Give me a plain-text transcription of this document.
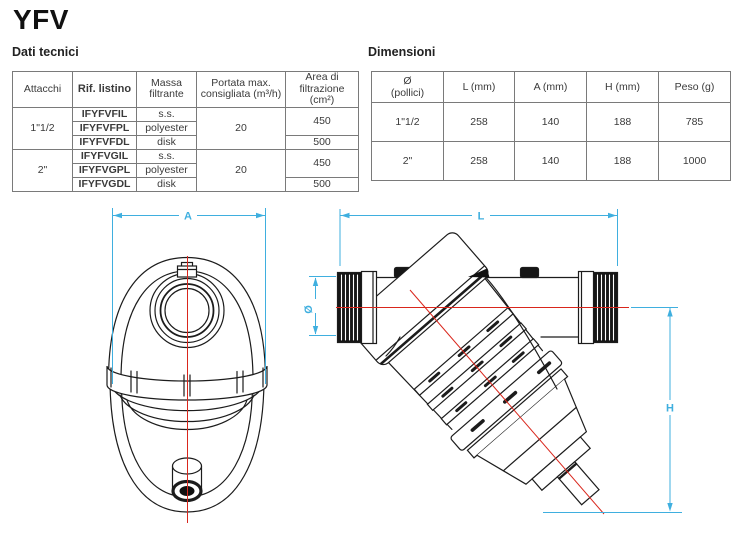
YFV
Dati tecnici	Dimensioni
Attacchi	Rif. listino	Massa filtrante	Portata max. consigliata (m³/h)	Area di filtrazione (cm²)
1"1/2	IFYFVFIL	s.s.	20	450
	IFYFVFPL	polyester		
	IFYFVFDL	disk		500
2"	IFYFVGIL	s.s.	20	450
	IFYFVGPL	polyester		
	IFYFVGDL	disk		500
Ø
(pollici)	L (mm)	A (mm)	H (mm)	Peso (g)
1"1/2	258	140	188	785
2"	258	140	188	1000
A	L
Ø
H
